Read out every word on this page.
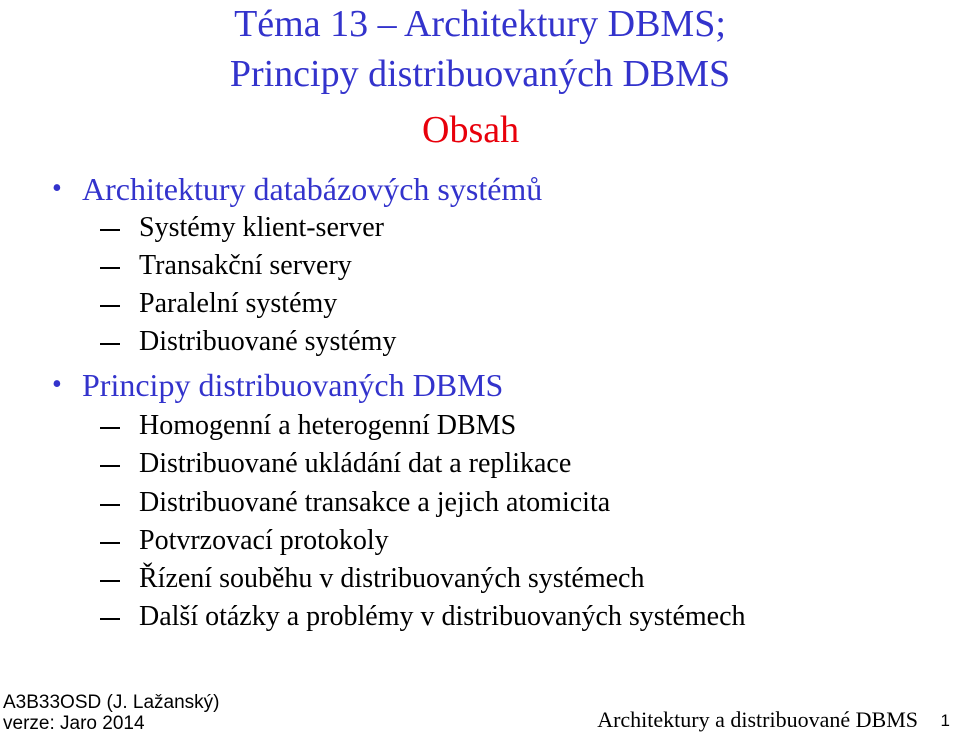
Téma 13 – Architektury DBMS;
Principy distribuovaných DBMS
Obsah
• Architektury databázových systémů
Systémy klient-server
Transakční servery
Paralelní systémy
Distribuované systémy
• Principy distribuovaných DBMS
Homogenní a heterogenní DBMS
Distribuované ukládání dat a replikace
Distribuované transakce a jejich atomicita
Potvrzovací protokoly
Řízení souběhu v distribuovaných systémech
Další otázky a problémy v distribuovaných systémech
A3B33OSD (J. Lažanský)
verze: Jaro 2014	Architektury a distribuované DBMS 1
